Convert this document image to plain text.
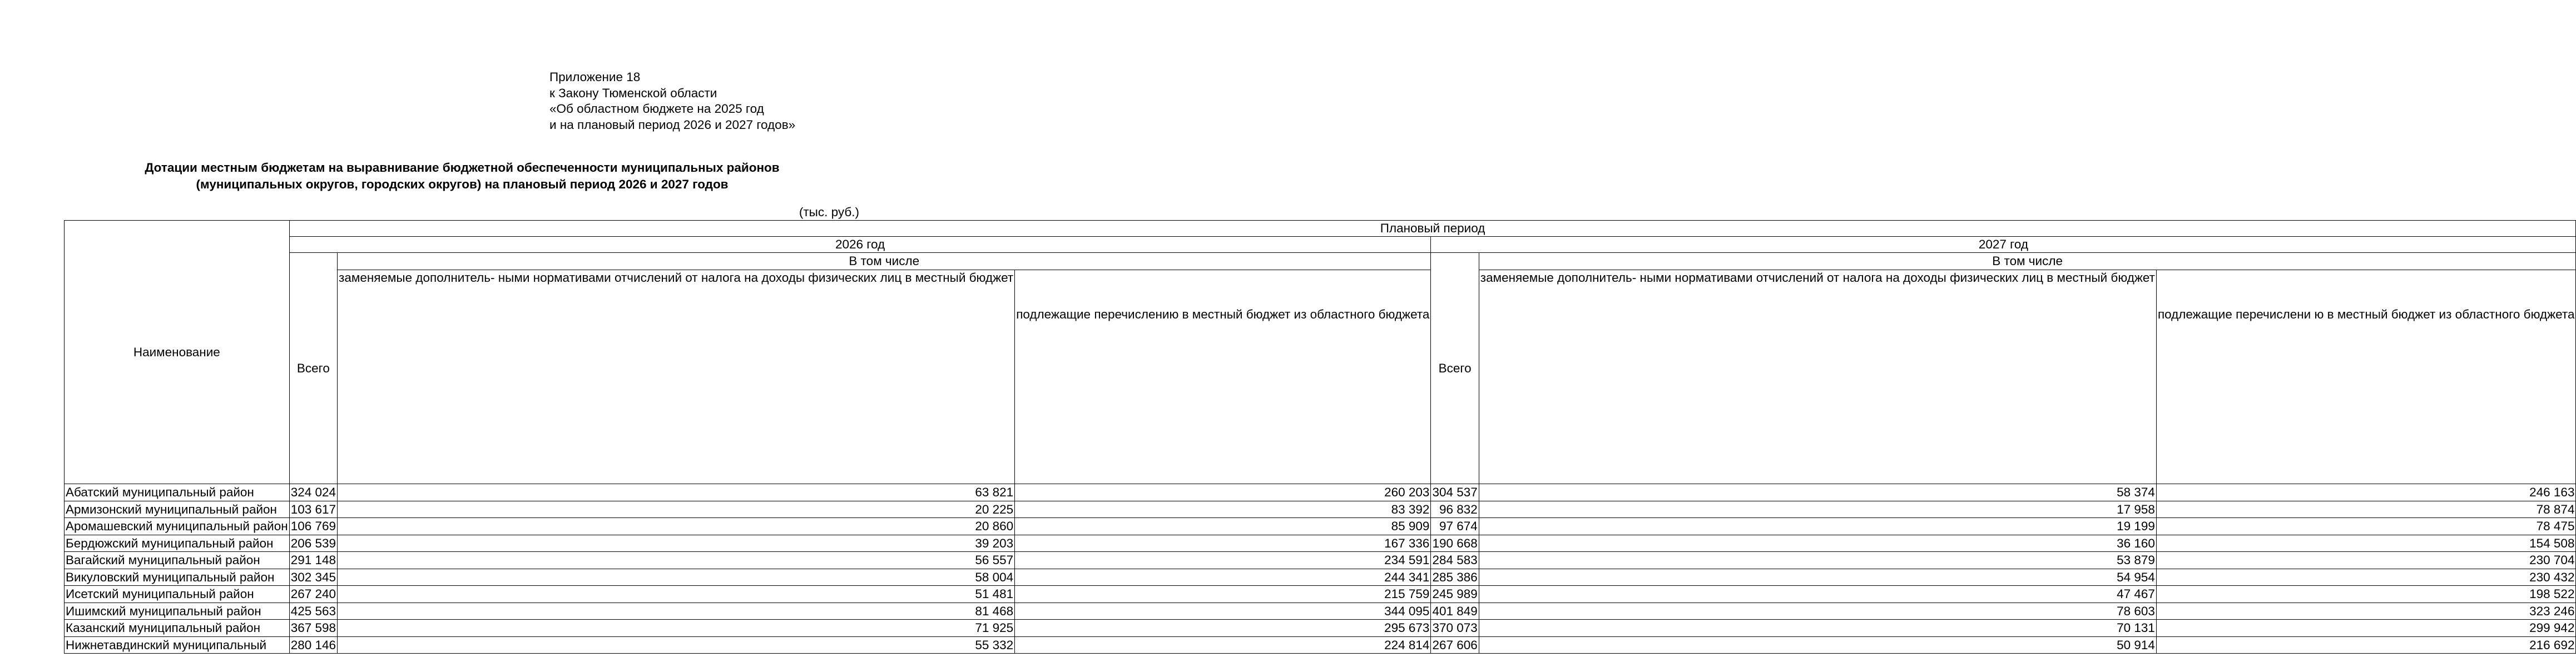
Приложение 18
к Закону Тюменской области
«Об областном бюджете на 2025 год
и на плановый период 2026 и 2027 годов»
Дотации местным бюджетам на выравнивание бюджетной обеспеченности муниципальных районов
(муниципальных округов, городских округов) на плановый период 2026 и 2027 годов
(тыс. руб.)
Наименование	Плановый период					
	2026 год			2027 год		
	Всего	В том числе		Всего	В том числе	
		заменяемые дополнитель- ными нормативами отчислений от налога на доходы физических лиц в местный бюджет	подлежащие перечислению в местный бюджет из областного бюджета		заменяемые дополнитель- ными нормативами отчислений от налога на доходы физических лиц в местный бюджет	подлежащие перечислени ю в местный бюджет из областного бюджета
Абатский муниципальный район	324 024	63 821	260 203	304 537	58 374	246 163
Армизонский муниципальный район	103 617	20 225	83 392	96 832	17 958	78 874
Аромашевский муниципальный район	106 769	20 860	85 909	97 674	19 199	78 475
Бердюжский муниципальный район	206 539	39 203	167 336	190 668	36 160	154 508
Вагайский муниципальный район	291 148	56 557	234 591	284 583	53 879	230 704
Викуловский муниципальный район	302 345	58 004	244 341	285 386	54 954	230 432
Исетский муниципальный район	267 240	51 481	215 759	245 989	47 467	198 522
Ишимский муниципальный район	425 563	81 468	344 095	401 849	78 603	323 246
Казанский муниципальный район	367 598	71 925	295 673	370 073	70 131	299 942
Нижнетавдинский муниципальный	280 146	55 332	224 814	267 606	50 914	216 692
